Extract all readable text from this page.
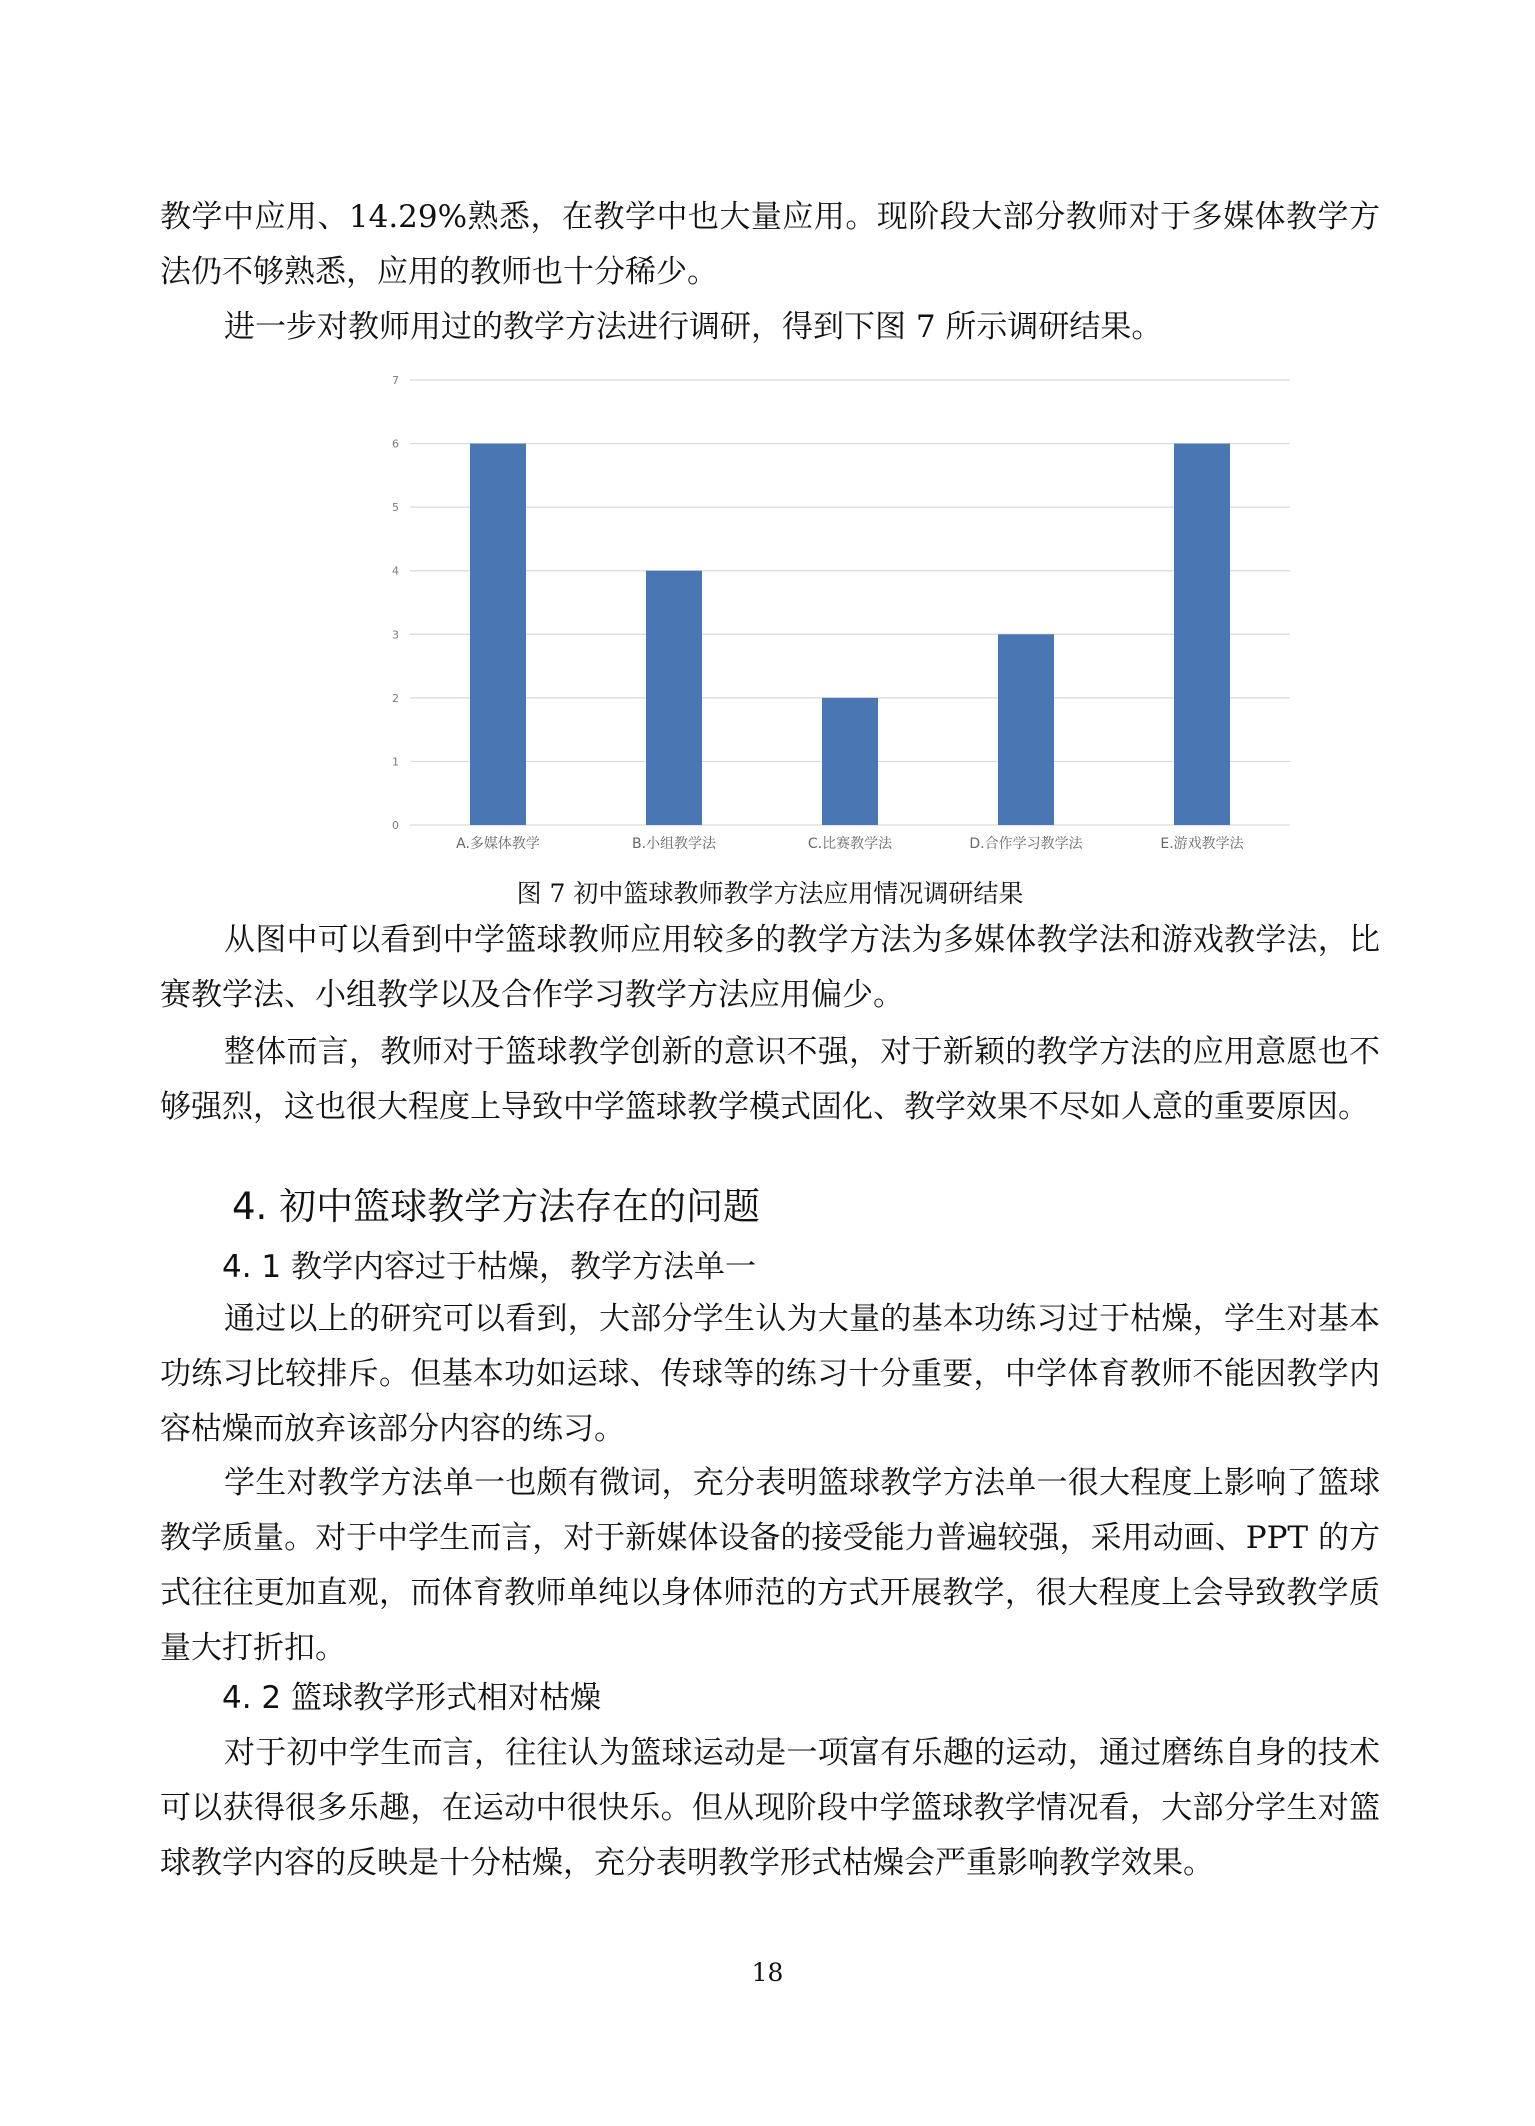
教学中应用、14.29%熟悉，在教学中也大量应用。现阶段大部分教师对于多媒体教学方法仍不够熟悉，应用的教师也十分稀少。

进一步对教师用过的教学方法进行调研，得到下图 7 所示调研结果。

0
1
2
3
4
5
6
7
A.多媒体教学	B.小组教学法	C.比赛教学法	D.合作学习教学法	E.游戏教学法
图 7 初中篮球教师教学方法应用情况调研结果

从图中可以看到中学篮球教师应用较多的教学方法为多媒体教学法和游戏教学法，比赛教学法、小组教学以及合作学习教学方法应用偏少。

整体而言，教师对于篮球教学创新的意识不强，对于新颖的教学方法的应用意愿也不够强烈，这也很大程度上导致中学篮球教学模式固化、教学效果不尽如人意的重要原因。

4. 初中篮球教学方法存在的问题
4. 1 教学内容过于枯燥，教学方法单一

通过以上的研究可以看到，大部分学生认为大量的基本功练习过于枯燥，学生对基本功练习比较排斥。但基本功如运球、传球等的练习十分重要，中学体育教师不能因教学内容枯燥而放弃该部分内容的练习。

学生对教学方法单一也颇有微词，充分表明篮球教学方法单一很大程度上影响了篮球教学质量。对于中学生而言，对于新媒体设备的接受能力普遍较强，采用动画、PPT 的方式往往更加直观，而体育教师单纯以身体师范的方式开展教学，很大程度上会导致教学质量大打折扣。

4. 2 篮球教学形式相对枯燥

对于初中学生而言，往往认为篮球运动是一项富有乐趣的运动，通过磨练自身的技术可以获得很多乐趣，在运动中很快乐。但从现阶段中学篮球教学情况看，大部分学生对篮球教学内容的反映是十分枯燥，充分表明教学形式枯燥会严重影响教学效果。

18
